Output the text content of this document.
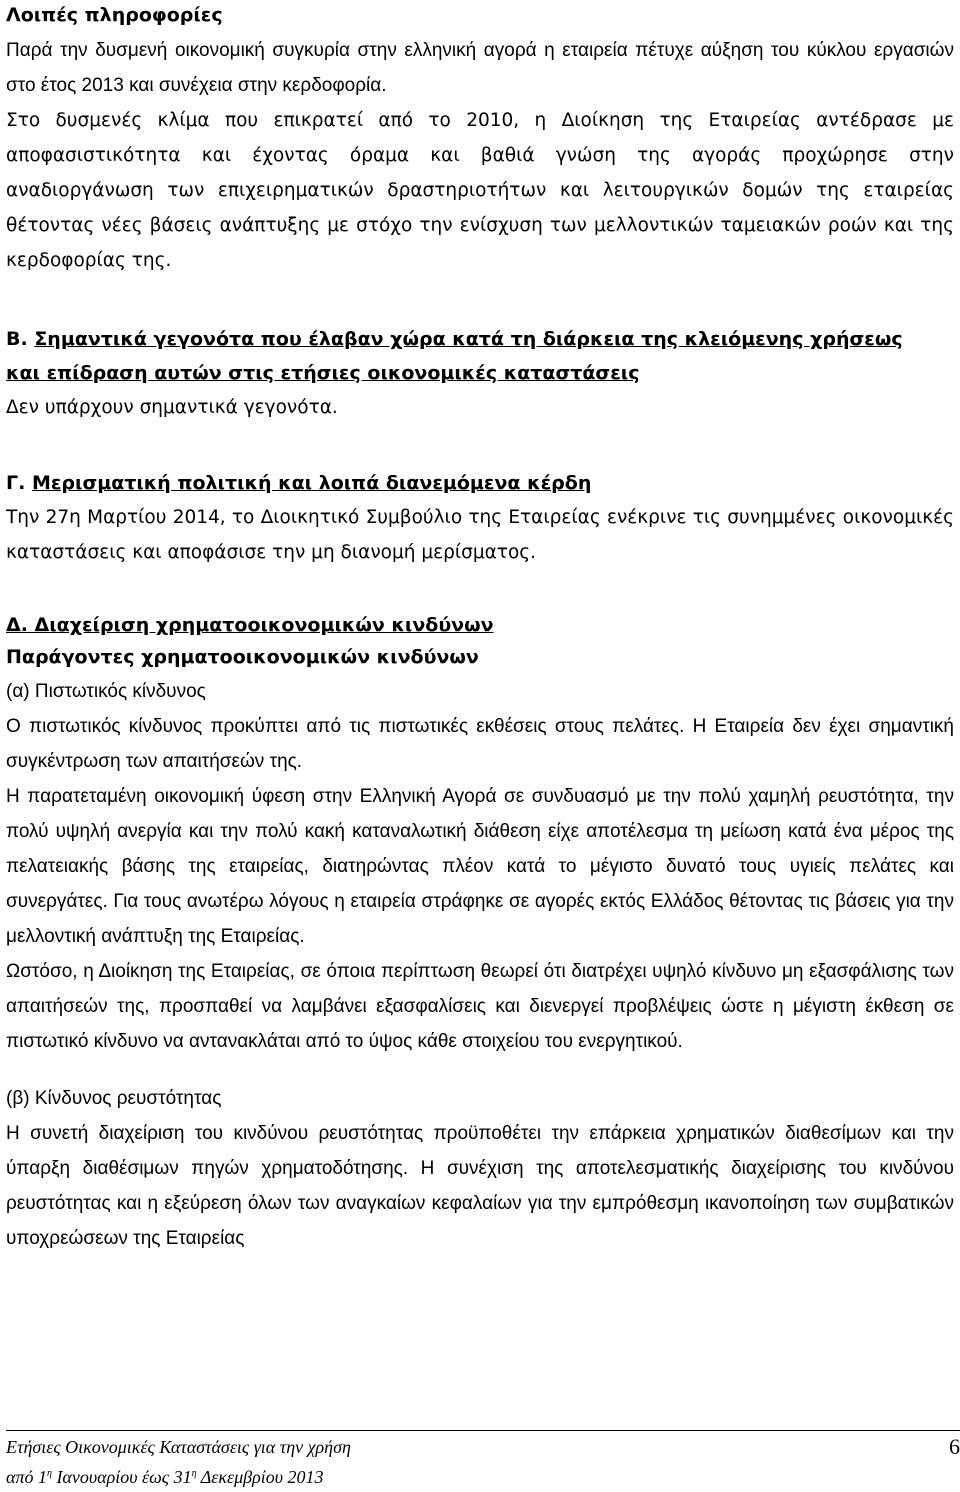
Λοιπές πληροφορίες

Παρά την δυσμενή οικονομική συγκυρία στην ελληνική αγορά η εταιρεία πέτυχε αύξηση του κύκλου εργασιών στο έτος 2013 και συνέχεια στην κερδοφορία.

Στο δυσμενές κλίμα που επικρατεί από το 2010, η Διοίκηση της Εταιρείας αντέδρασε με αποφασιστικότητα και έχοντας όραμα και βαθιά γνώση της αγοράς προχώρησε στην αναδιοργάνωση των επιχειρηματικών δραστηριοτήτων και λειτουργικών δομών της εταιρείας θέτοντας νέες βάσεις ανάπτυξης με στόχο την ενίσχυση των μελλοντικών ταμειακών ροών και της κερδοφορίας της.

Β. Σημαντικά γεγονότα που έλαβαν χώρα κατά τη διάρκεια της κλειόμενης χρήσεως
και επίδραση αυτών στις ετήσιες οικονομικές καταστάσεις

Δεν υπάρχουν σημαντικά γεγονότα.

Γ. Μερισματική πολιτική και λοιπά διανεμόμενα κέρδη

Την 27η Μαρτίου 2014, το Διοικητικό Συμβούλιο της Εταιρείας ενέκρινε τις συνημμένες οικονομικές καταστάσεις και αποφάσισε την μη διανομή μερίσματος.

Δ. Διαχείριση χρηματοοικονομικών κινδύνων

Παράγοντες χρηματοοικονομικών κινδύνων

(α) Πιστωτικός κίνδυνος

Ο πιστωτικός κίνδυνος προκύπτει από τις πιστωτικές εκθέσεις στους πελάτες. Η Εταιρεία δεν έχει σημαντική συγκέντρωση των απαιτήσεών της.

Η παρατεταμένη οικονομική ύφεση στην Ελληνική Αγορά σε συνδυασμό με την πολύ χαμηλή ρευστότητα, την πολύ υψηλή ανεργία και την πολύ κακή καταναλωτική διάθεση είχε αποτέλεσμα τη μείωση κατά ένα μέρος της πελατειακής βάσης της εταιρείας, διατηρώντας πλέον κατά το μέγιστο δυνατό τους υγιείς πελάτες και συνεργάτες. Για τους ανωτέρω λόγους η εταιρεία στράφηκε σε αγορές εκτός Ελλάδος θέτοντας τις βάσεις για την μελλοντική ανάπτυξη της Εταιρείας.

Ωστόσο, η Διοίκηση της Εταιρείας, σε όποια περίπτωση θεωρεί ότι διατρέχει υψηλό κίνδυνο μη εξασφάλισης των απαιτήσεών της, προσπαθεί να λαμβάνει εξασφαλίσεις και διενεργεί προβλέψεις ώστε η μέγιστη έκθεση σε πιστωτικό κίνδυνο να αντανακλάται από το ύψος κάθε στοιχείου του ενεργητικού.

(β) Κίνδυνος ρευστότητας

Η συνετή διαχείριση του κινδύνου ρευστότητας προϋποθέτει την επάρκεια χρηματικών διαθεσίμων και την ύπαρξη διαθέσιμων πηγών χρηματοδότησης. Η συνέχιση της αποτελεσματικής διαχείρισης του κινδύνου ρευστότητας και η εξεύρεση όλων των αναγκαίων κεφαλαίων για την εμπρόθεσμη ικανοποίηση των συμβατικών υποχρεώσεων της Εταιρείας

Ετήσιες Οικονομικές Καταστάσεις για την χρήση
από $1^\eta$ Ιανουαρίου έως $31^\eta$ Δεκεμβρίου 2013
6
